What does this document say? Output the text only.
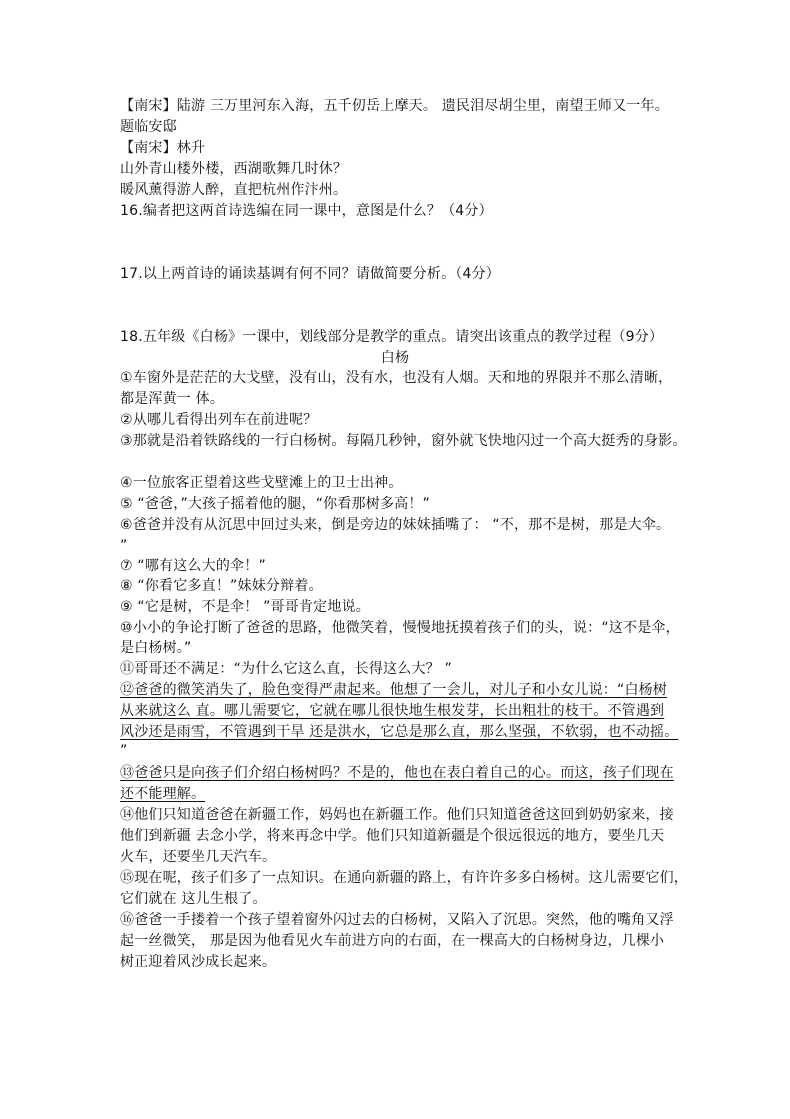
【南宋】陆游 三万里河东入海，五千仞岳上摩天。 遗民泪尽胡尘里，南望王师又一年。
题临安邸
【南宋】林升
山外青山楼外楼，西湖歌舞几时休？
暖风薰得游人醉，直把杭州作汴州。
16.编者把这两首诗选编在同一课中，意图是什么？（4分）
17.以上两首诗的诵读基调有何不同？请做简要分析。（4分）
18.五年级《白杨》一课中，划线部分是教学的重点。请突出该重点的教学过程（9分）
白杨
①车窗外是茫茫的大戈壁，没有山，没有水，也没有人烟。天和地的界限并不那么清晰，
都是浑黄一 体。
②从哪儿看得出列车在前进呢？
③那就是沿着铁路线的一行白杨树。每隔几秒钟，窗外就飞快地闪过一个高大挺秀的身影。
④一位旅客正望着这些戈壁滩上的卫士出神。
⑤ “爸爸，”大孩子摇着他的腿，“你看那树多高！”
⑥爸爸并没有从沉思中回过头来，倒是旁边的妹妹插嘴了： “不，那不是树，那是大伞。
”
⑦ “哪有这么大的伞！”
⑧ “你看它多直！”妹妹分辩着。
⑨ “它是树，不是伞！ ”哥哥肯定地说。
⑩小小的争论打断了爸爸的思路，他微笑着，慢慢地抚摸着孩子们的头，说：“这不是伞，
是白杨树。”
⑪哥哥还不满足：“为什么它这么直，长得这么大？ ”
⑫爸爸的微笑消失了，脸色变得严肃起来。他想了一会儿，对儿子和小女儿说：“白杨树
从来就这么 直。哪儿需要它，它就在哪儿很快地生根发芽，长出粗壮的枝干。不管遇到
风沙还是雨雪，不管遇到干旱 还是洪水，它总是那么直，那么坚强，不软弱，也不动摇。
”
⑬爸爸只是向孩子们介绍白杨树吗？不是的，他也在表白着自己的心。而这，孩子们现在
还不能理解。
⑭他们只知道爸爸在新疆工作，妈妈也在新疆工作。他们只知道爸爸这回到奶奶家来，接
他们到新疆 去念小学，将来再念中学。他们只知道新疆是个很远很远的地方，要坐几天
火车，还要坐几天汽车。
⑮现在呢，孩子们多了一点知识。在通向新疆的路上，有许许多多白杨树。这儿需要它们，
它们就在 这儿生根了。
⑯爸爸一手搂着一个孩子望着窗外闪过去的白杨树，又陷入了沉思。突然，他的嘴角又浮
起一丝微笑， 那是因为他看见火车前进方向的右面，在一棵高大的白杨树身边，几棵小
树正迎着风沙成长起来。
